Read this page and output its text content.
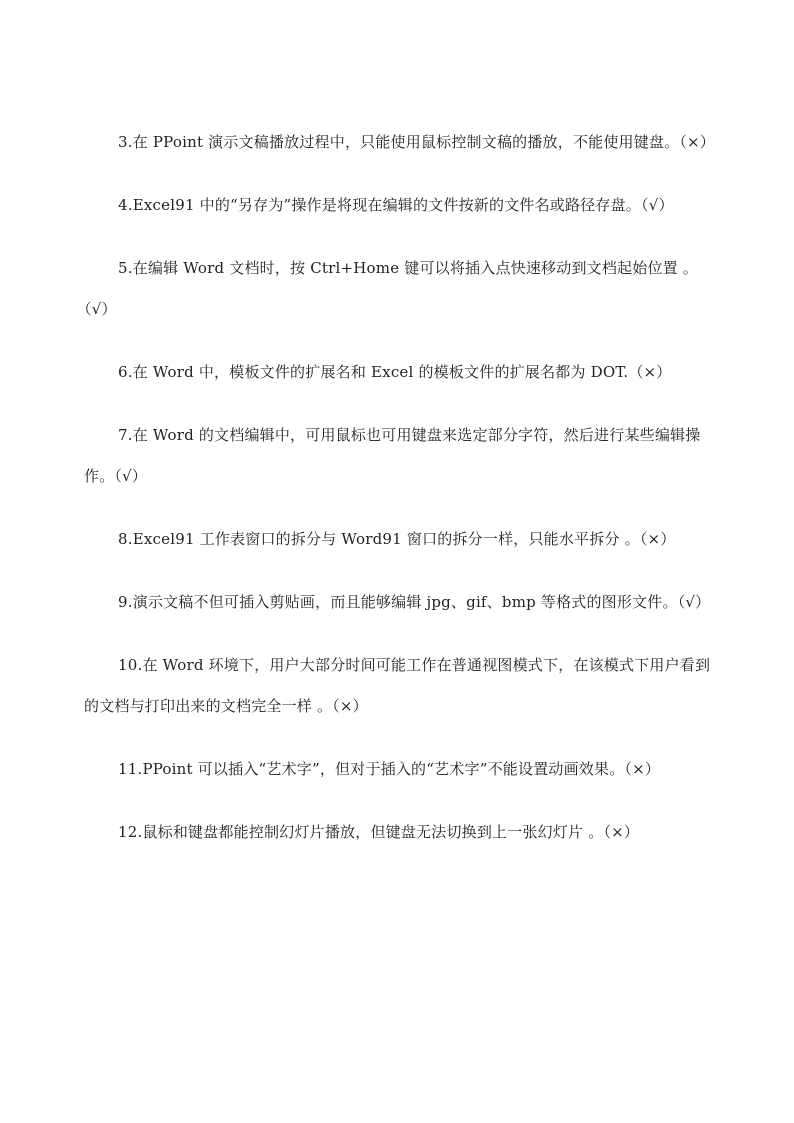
3.在 PPoint 演示文稿播放过程中，只能使用鼠标控制文稿的播放，不能使用键盘。（×）

4.Excel91 中的“另存为”操作是将现在编辑的文件按新的文件名或路径存盘。（√）

5.在编辑 Word 文档时，按 Ctrl+Home 键可以将插入点快速移动到文档起始位置 。（√）

6.在 Word 中，模板文件的扩展名和 Excel 的模板文件的扩展名都为 DOT.（×）

7.在 Word 的文档编辑中，可用鼠标也可用键盘来选定部分字符，然后进行某些编辑操作。（√）

8.Excel91 工作表窗口的拆分与 Word91 窗口的拆分一样，只能水平拆分 。（×）

9.演示文稿不但可插入剪贴画，而且能够编辑 jpg、gif、bmp 等格式的图形文件。（√）

10.在 Word 环境下，用户大部分时间可能工作在普通视图模式下，在该模式下用户看到的文档与打印出来的文档完全一样 。（×）

11.PPoint 可以插入“艺术字”，但对于插入的“艺术字”不能设置动画效果。（×）

12.鼠标和键盘都能控制幻灯片播放，但键盘无法切换到上一张幻灯片 。（×）
